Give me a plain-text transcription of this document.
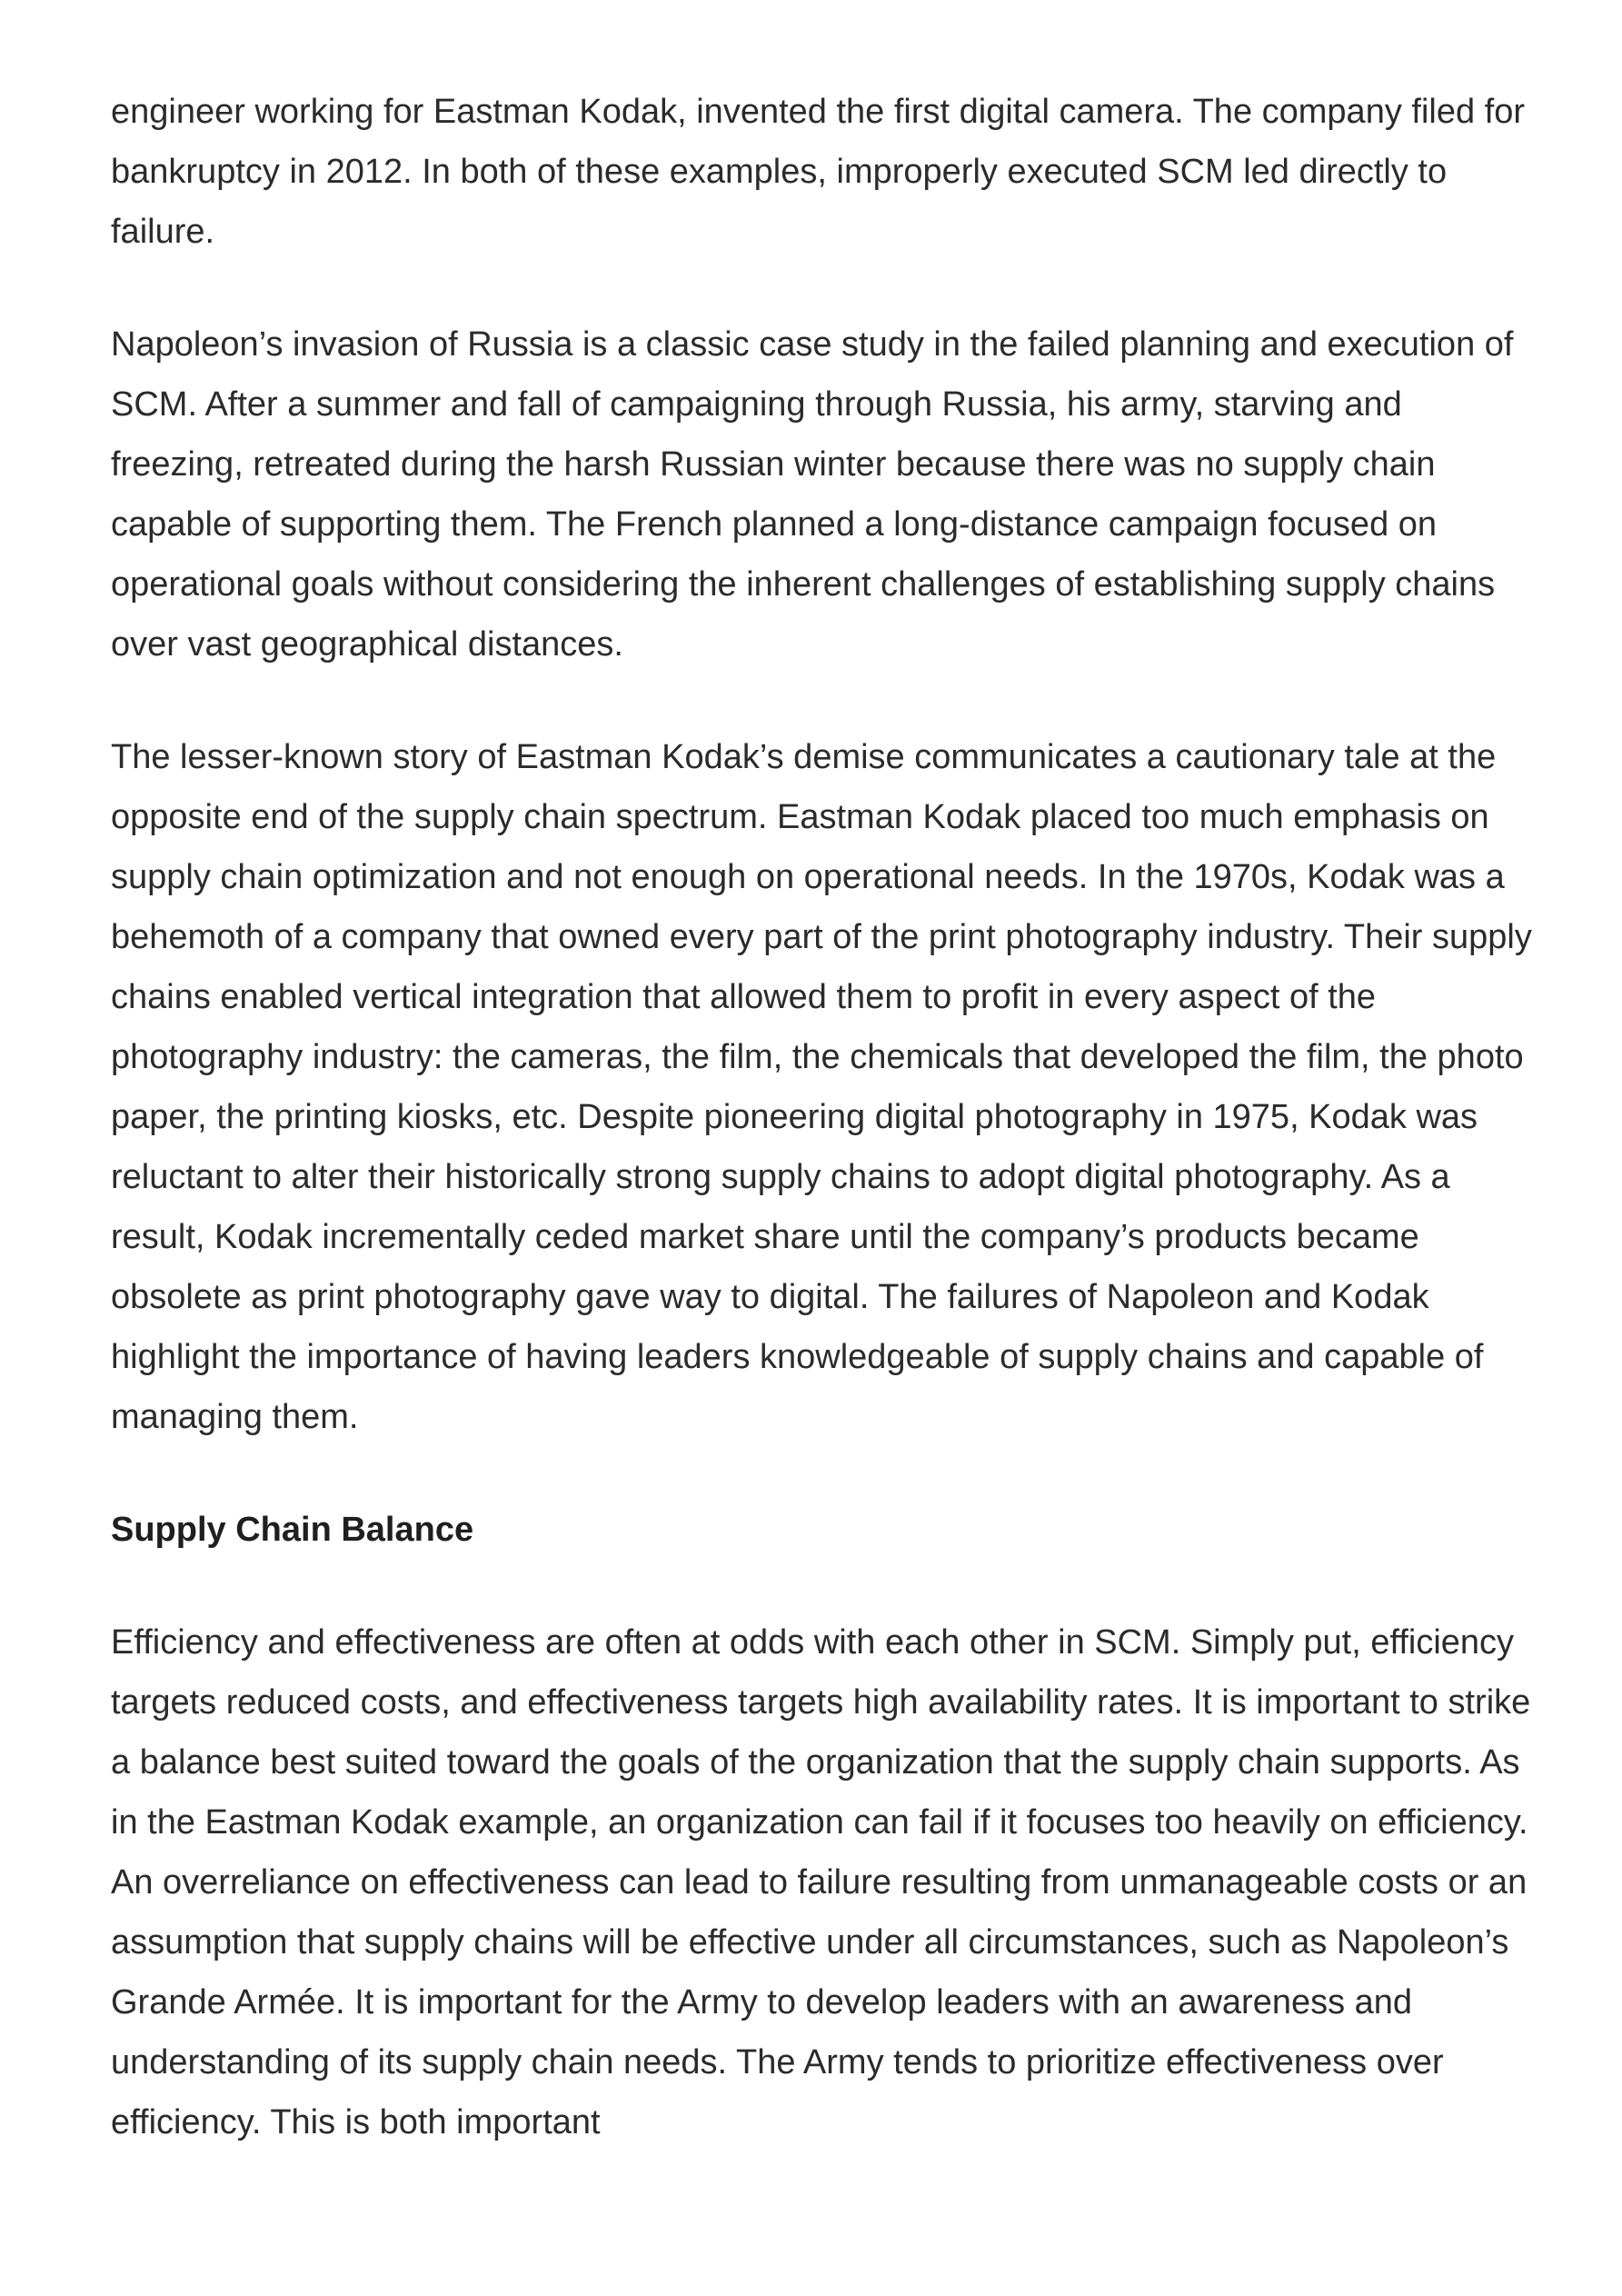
engineer working for Eastman Kodak, invented the first digital camera. The company filed for bankruptcy in 2012. In both of these examples, improperly executed SCM led directly to failure.

Napoleon’s invasion of Russia is a classic case study in the failed planning and execution of SCM. After a summer and fall of campaigning through Russia, his army, starving and freezing, retreated during the harsh Russian winter because there was no supply chain capable of supporting them. The French planned a long-distance campaign focused on operational goals without considering the inherent challenges of establishing supply chains over vast geographical distances.

The lesser-known story of Eastman Kodak’s demise communicates a cautionary tale at the opposite end of the supply chain spectrum. Eastman Kodak placed too much emphasis on supply chain optimization and not enough on operational needs. In the 1970s, Kodak was a behemoth of a company that owned every part of the print photography industry. Their supply chains enabled vertical integration that allowed them to profit in every aspect of the photography industry: the cameras, the film, the chemicals that developed the film, the photo paper, the printing kiosks, etc. Despite pioneering digital photography in 1975, Kodak was reluctant to alter their historically strong supply chains to adopt digital photography. As a result, Kodak incrementally ceded market share until the company’s products became obsolete as print photography gave way to digital. The failures of Napoleon and Kodak highlight the importance of having leaders knowledgeable of supply chains and capable of managing them.

Supply Chain Balance

Efficiency and effectiveness are often at odds with each other in SCM. Simply put, efficiency targets reduced costs, and effectiveness targets high availability rates. It is important to strike a balance best suited toward the goals of the organization that the supply chain supports. As in the Eastman Kodak example, an organization can fail if it focuses too heavily on efficiency. An overreliance on effectiveness can lead to failure resulting from unmanageable costs or an assumption that supply chains will be effective under all circumstances, such as Napoleon’s Grande Armée. It is important for the Army to develop leaders with an awareness and understanding of its supply chain needs. The Army tends to prioritize effectiveness over efficiency. This is both important
